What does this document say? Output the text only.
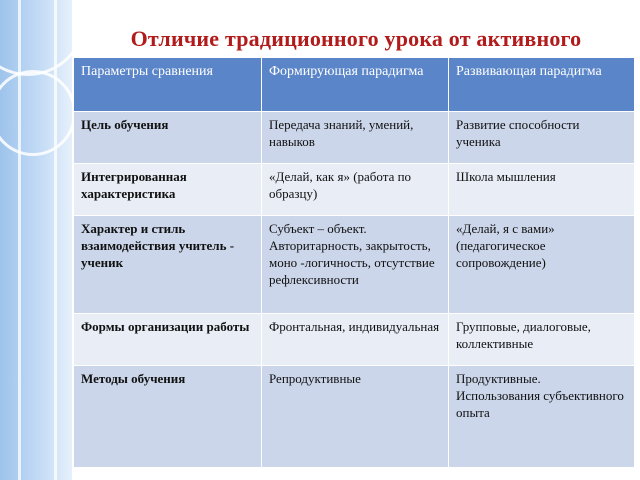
Отличие традиционного урока от активного
Параметры сравнения	Формирующая парадигма	Развивающая парадигма
Цель обучения	Передача знаний, умений, навыков	Развитие способности ученика
Интегрированная характеристика	«Делай, как я» (работа по образцу)	Школа мышления
Характер и стиль взаимодействия учитель - ученик	Субъект – объект. Авторитарность, закрытость, моно -логичность, отсутствие рефлексивности	«Делай, я с вами» (педагогическое сопровождение)
Формы организации работы	Фронтальная, индивидуальная	Групповые, диалоговые, коллективные
Методы обучения	Репродуктивные	Продуктивные. Использования субъективного опыта
